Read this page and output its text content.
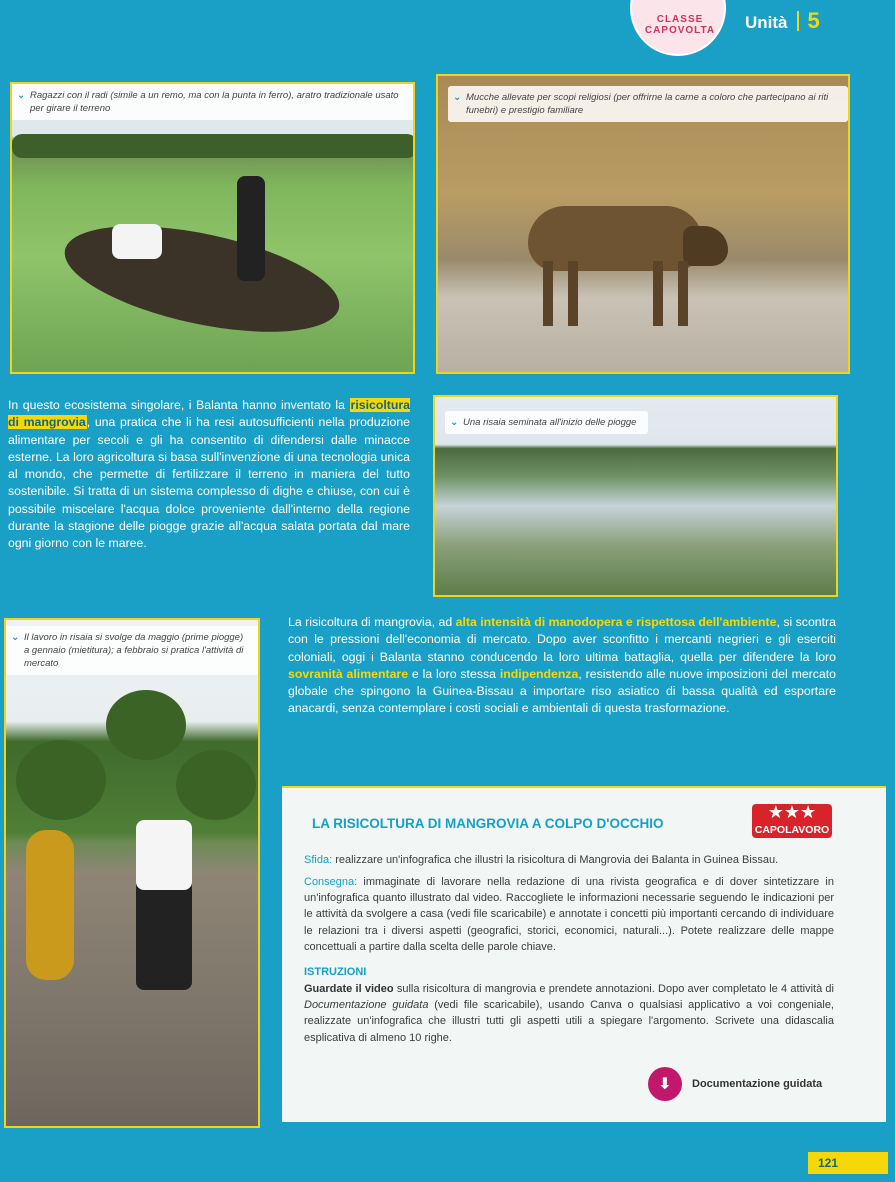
CLASSE CAPOVOLTA	Unità 5
⌄ Ragazzi con il radi (simile a un remo, ma con la punta in ferro), aratro tradizionale usato per girare il terreno
⌄ Mucche allevate per scopi religiosi (per offrirne la carne a coloro che partecipano ai riti funebri) e prestigio familiare
In questo ecosistema singolare, i Balanta hanno inventato la risicoltura di mangrovia, una pratica che li ha resi autosufficienti nella produzione alimentare per secoli e gli ha consentito di difendersi dalle minacce esterne. La loro agricoltura si basa sull'invenzione di una tecnologia unica al mondo, che permette di fertilizzare il terreno in maniera del tutto sostenibile. Si tratta di un sistema complesso di dighe e chiuse, con cui è possibile miscelare l'acqua dolce proveniente dall'interno della regione durante la stagione delle piogge grazie all'acqua salata portata dal mare ogni giorno con le maree.
⌄ Una risaia seminata all'inizio delle piogge
⌄ Il lavoro in risaia si svolge da maggio (prime piogge) a gennaio (mietitura); a febbraio si pratica l'attività di mercato
La risicoltura di mangrovia, ad alta intensità di manodopera e rispettosa dell'ambiente, si scontra con le pressioni dell'economia di mercato. Dopo aver sconfitto i mercanti negrieri e gli eserciti coloniali, oggi i Balanta stanno conducendo la loro ultima battaglia, quella per difendere la loro sovranità alimentare e la loro stessa indipendenza, resistendo alle nuove imposizioni del mercato globale che spingono la Guinea-Bissau a importare riso asiatico di bassa qualità ed esportare anacardi, senza contemplare i costi sociali e ambientali di questa trasformazione.
LA RISICOLTURA DI MANGROVIA A COLPO D'OCCHIO
★★★
CAPOLAVORO
Sfida: realizzare un'infografica che illustri la risicoltura di Mangrovia dei Balanta in Guinea Bissau.
Consegna: immaginate di lavorare nella redazione di una rivista geografica e di dover sintetizzare in un'infografica quanto illustrato dal video. Raccogliete le informazioni necessarie seguendo le indicazioni per le attività da svolgere a casa (vedi file scaricabile) e annotate i concetti più importanti cercando di individuare le relazioni tra i diversi aspetti (geografici, storici, economici, naturali...). Potete realizzare delle mappe concettuali a partire dalla scelta delle parole chiave.
ISTRUZIONI
Guardate il video sulla risicoltura di mangrovia e prendete annotazioni. Dopo aver completato le 4 attività di Documentazione guidata (vedi file scaricabile), usando Canva o qualsiasi applicativo a voi congeniale, realizzate un'infografica che illustri tutti gli aspetti utili a spiegare l'argomento. Scrivete una didascalia esplicativa di almeno 10 righe.
⬇	Documentazione guidata
121
